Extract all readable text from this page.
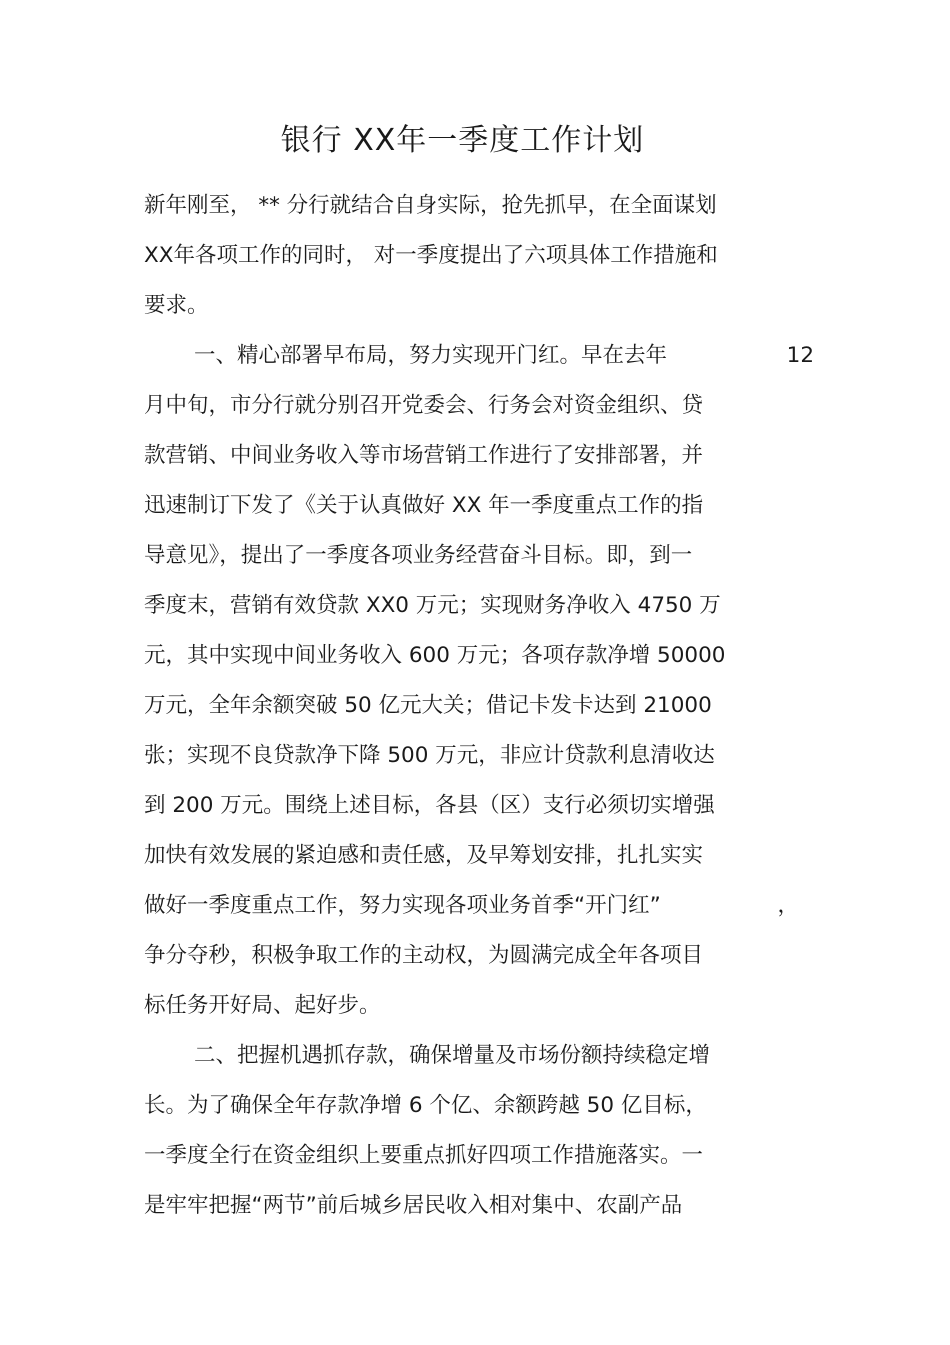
银行 XX年一季度工作计划
新年刚至， ** 分行就结合自身实际，抢先抓早，在全面谋划
XX年各项工作的同时， 对一季度提出了六项具体工作措施和
要求。
一、精心部署早布局，努力实现开门红。早在去年	12
月中旬，市分行就分别召开党委会、行务会对资金组织、贷
款营销、中间业务收入等市场营销工作进行了安排部署，并
迅速制订下发了《关于认真做好 XX 年一季度重点工作的指
导意见》，提出了一季度各项业务经营奋斗目标。即，到一
季度末，营销有效贷款 XX0 万元；实现财务净收入 4750 万
元，其中实现中间业务收入 600 万元；各项存款净增 50000
万元，全年余额突破 50 亿元大关；借记卡发卡达到 21000
张；实现不良贷款净下降 500 万元，非应计贷款利息清收达
到 200 万元。围绕上述目标，各县（区）支行必须切实增强
加快有效发展的紧迫感和责任感，及早筹划安排，扎扎实实
做好一季度重点工作，努力实现各项业务首季“开门红”	，
争分夺秒，积极争取工作的主动权，为圆满完成全年各项目
标任务开好局、起好步。
二、把握机遇抓存款，确保增量及市场份额持续稳定增
长。为了确保全年存款净增 6 个亿、余额跨越 50 亿目标，
一季度全行在资金组织上要重点抓好四项工作措施落实。一
是牢牢把握“两节”前后城乡居民收入相对集中、农副产品
